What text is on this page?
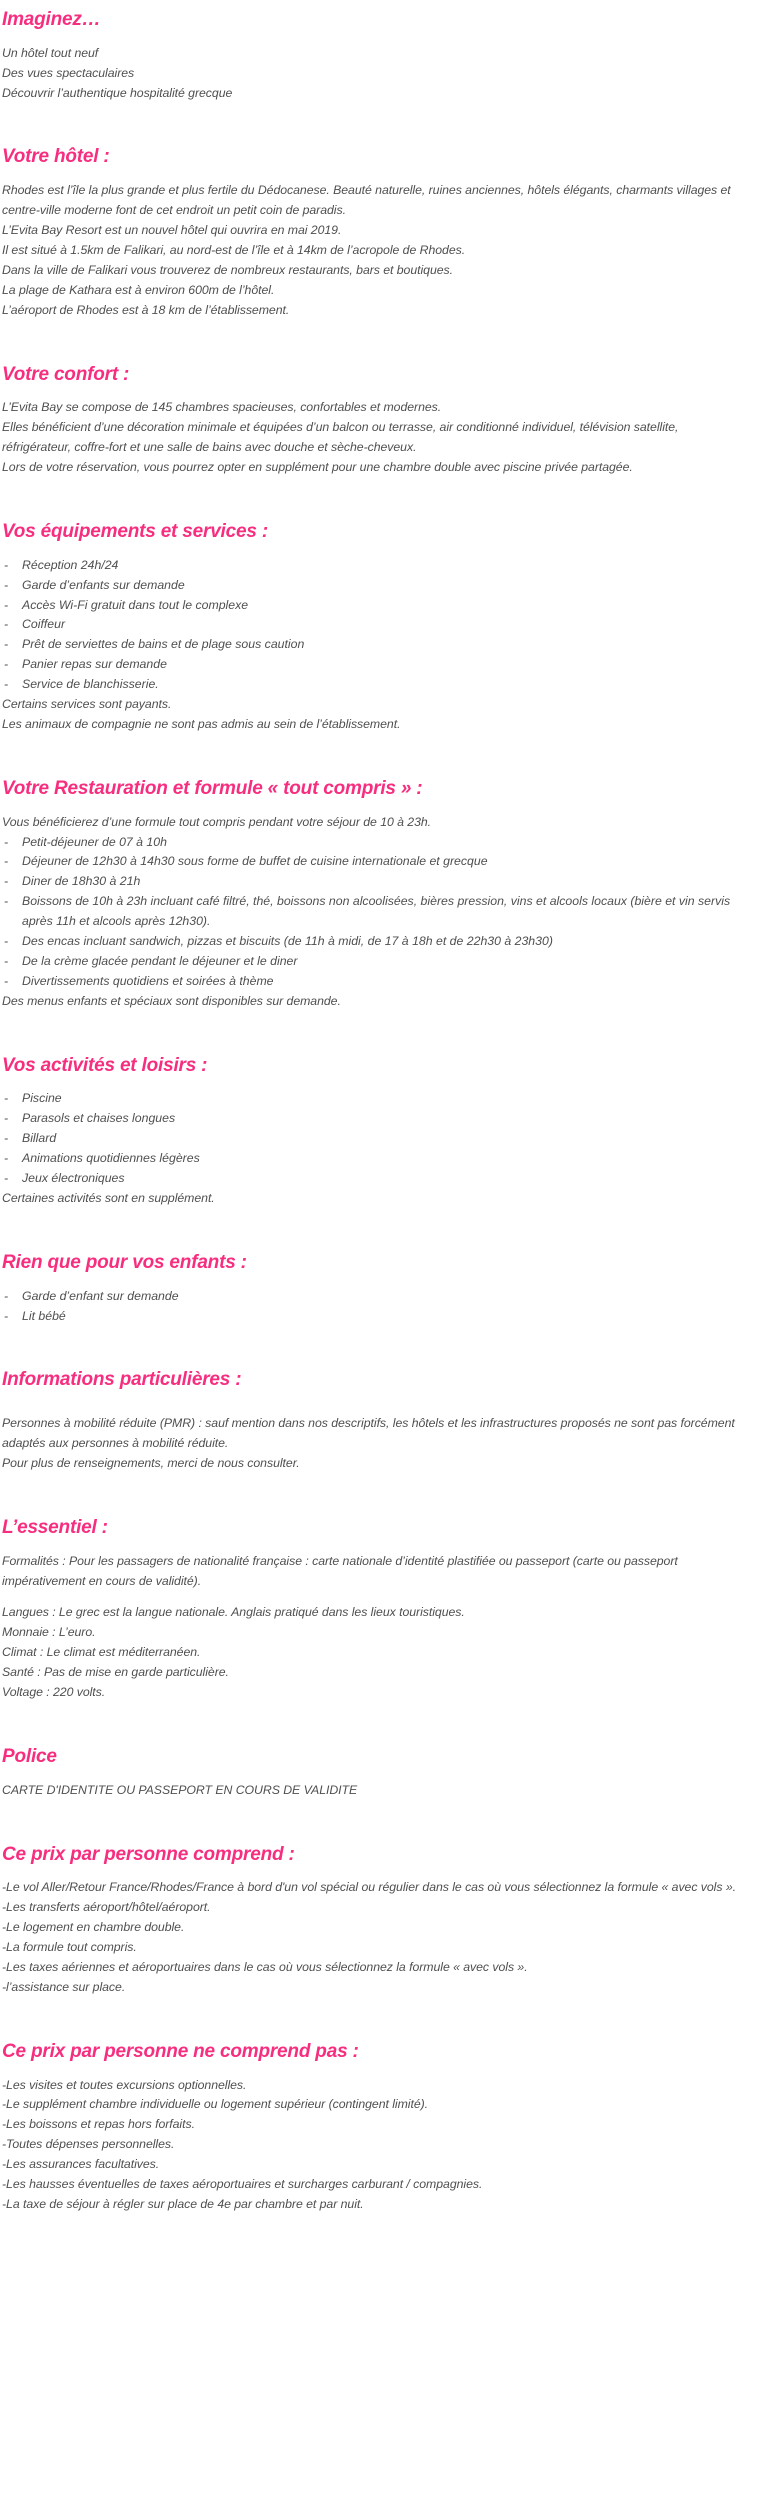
Imaginez…

Un hôtel tout neuf

Des vues spectaculaires

Découvrir l’authentique hospitalité grecque

Votre hôtel :

Rhodes est l’île la plus grande et plus fertile du Dédocanese. Beauté naturelle, ruines anciennes, hôtels élégants, charmants villages et centre-ville moderne font de cet endroit un petit coin de paradis.

L’Evita Bay Resort est un nouvel hôtel qui ouvrira en mai 2019.

Il est situé à 1.5km de Falikari, au nord-est de l’île et à 14km de l’acropole de Rhodes.

Dans la ville de Falikari vous trouverez de nombreux restaurants, bars et boutiques.

La plage de Kathara est à environ 600m de l’hôtel.

L’aéroport de Rhodes est à 18 km de l’établissement.

Votre confort :

L’Evita Bay se compose de 145 chambres spacieuses, confortables et modernes.

Elles bénéficient d’une décoration minimale et équipées d’un balcon ou terrasse, air conditionné individuel, télévision satellite, réfrigérateur, coffre-fort et une salle de bains avec douche et sèche-cheveux.

Lors de votre réservation, vous pourrez opter en supplément pour une chambre double avec piscine privée partagée.

Vos équipements et services :
- Réception 24h/24
- Garde d’enfants sur demande
- Accès Wi-Fi gratuit dans tout le complexe
- Coiffeur
- Prêt de serviettes de bains et de plage sous caution
- Panier repas sur demande
- Service de blanchisserie.

Certains services sont payants.

Les animaux de compagnie ne sont pas admis au sein de l’établissement.

Votre Restauration et formule « tout compris » :

Vous bénéficierez d’une formule tout compris pendant votre séjour de 10 à 23h.

- Petit-déjeuner de 07 à 10h
- Déjeuner de 12h30 à 14h30 sous forme de buffet de cuisine internationale et grecque
- Diner de 18h30 à 21h
- Boissons de 10h à 23h incluant café filtré, thé, boissons non alcoolisées, bières pression, vins et alcools locaux (bière et vin servis après 11h et alcools après 12h30).
- Des encas incluant sandwich, pizzas et biscuits (de 11h à midi, de 17 à 18h et de 22h30 à 23h30)
- De la crème glacée pendant le déjeuner et le diner
- Divertissements quotidiens et soirées à thème

Des menus enfants et spéciaux sont disponibles sur demande.

Vos activités et loisirs :
- Piscine
- Parasols et chaises longues
- Billard
- Animations quotidiennes légères
- Jeux électroniques

Certaines activités sont en supplément.

Rien que pour vos enfants :
- Garde d’enfant sur demande
- Lit bébé
Informations particulières :

Personnes à mobilité réduite (PMR) : sauf mention dans nos descriptifs, les hôtels et les infrastructures proposés ne sont pas forcément adaptés aux personnes à mobilité réduite.

Pour plus de renseignements, merci de nous consulter.

L’essentiel :

Formalités : Pour les passagers de nationalité française : carte nationale d’identité plastifiée ou passeport (carte ou passeport impérativement en cours de validité).

Langues : Le grec est la langue nationale. Anglais pratiqué dans les lieux touristiques.

Monnaie : L’euro.

Climat : Le climat est méditerranéen.

Santé : Pas de mise en garde particulière.

Voltage : 220 volts.

Police

CARTE D'IDENTITE OU PASSEPORT EN COURS DE VALIDITE

Ce prix par personne comprend :

-Le vol Aller/Retour France/Rhodes/France à bord d'un vol spécial ou régulier dans le cas où vous sélectionnez la formule « avec vols ».

-Les transferts aéroport/hôtel/aéroport.

-Le logement en chambre double.

-La formule tout compris.

-Les taxes aériennes et aéroportuaires dans le cas où vous sélectionnez la formule « avec vols ».

-l’assistance sur place.

Ce prix par personne ne comprend pas :

-Les visites et toutes excursions optionnelles.

-Le supplément chambre individuelle ou logement supérieur (contingent limité).

-Les boissons et repas hors forfaits.

-Toutes dépenses personnelles.

-Les assurances facultatives.

-Les hausses éventuelles de taxes aéroportuaires et surcharges carburant / compagnies.

-La taxe de séjour à régler sur place de 4e par chambre et par nuit.
